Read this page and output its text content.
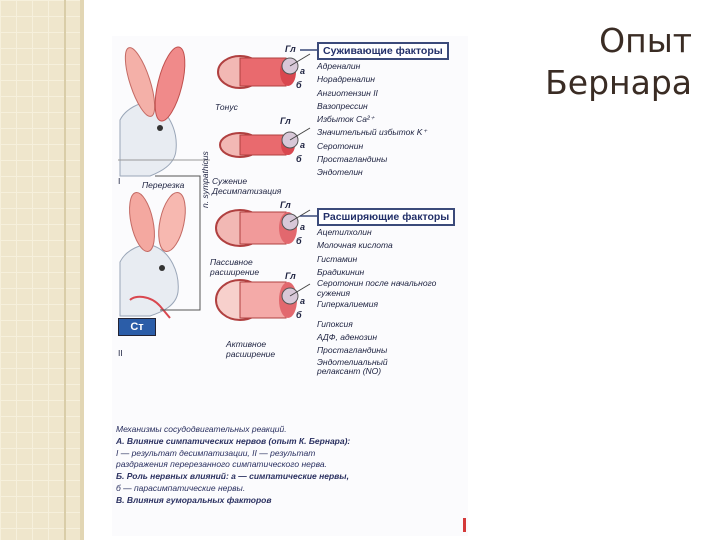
Опыт
Бернара
Суживающие факторы
Расширяющие факторы
Адреналин
Норадреналин
Ангиотензин II
Вазопрессин
Избыток Ca²⁺
Значительный избыток K⁺
Серотонин
Простагландины
Эндотелин
Ацетилхолин
Молочная кислота
Гистамин
Брадикинин
Серотонин после начального
сужения
Гиперкалиемия
Гипоксия
АДФ, аденозин
Простагландины
Эндотелиальный
релаксант (NO)
Гл
Гл
Гл
Гл
а
б
а
б
а
б
а
б
Тонус
Перерезка	Сужение
Десимпатизация
Пассивное
расширение
Активное
расширение
n. sympathicus
I
II
Ст
Механизмы сосудодвигательных реакций.
А. Влияние симпатических нервов (опыт К. Бернара):
I — результат десимпатизации, II — результат
раздражения перерезанного симпатического нерва.
Б. Роль нервных влияний: а — симпатические нервы,
б — парасимпатические нервы.
В. Влияния гуморальных факторов
